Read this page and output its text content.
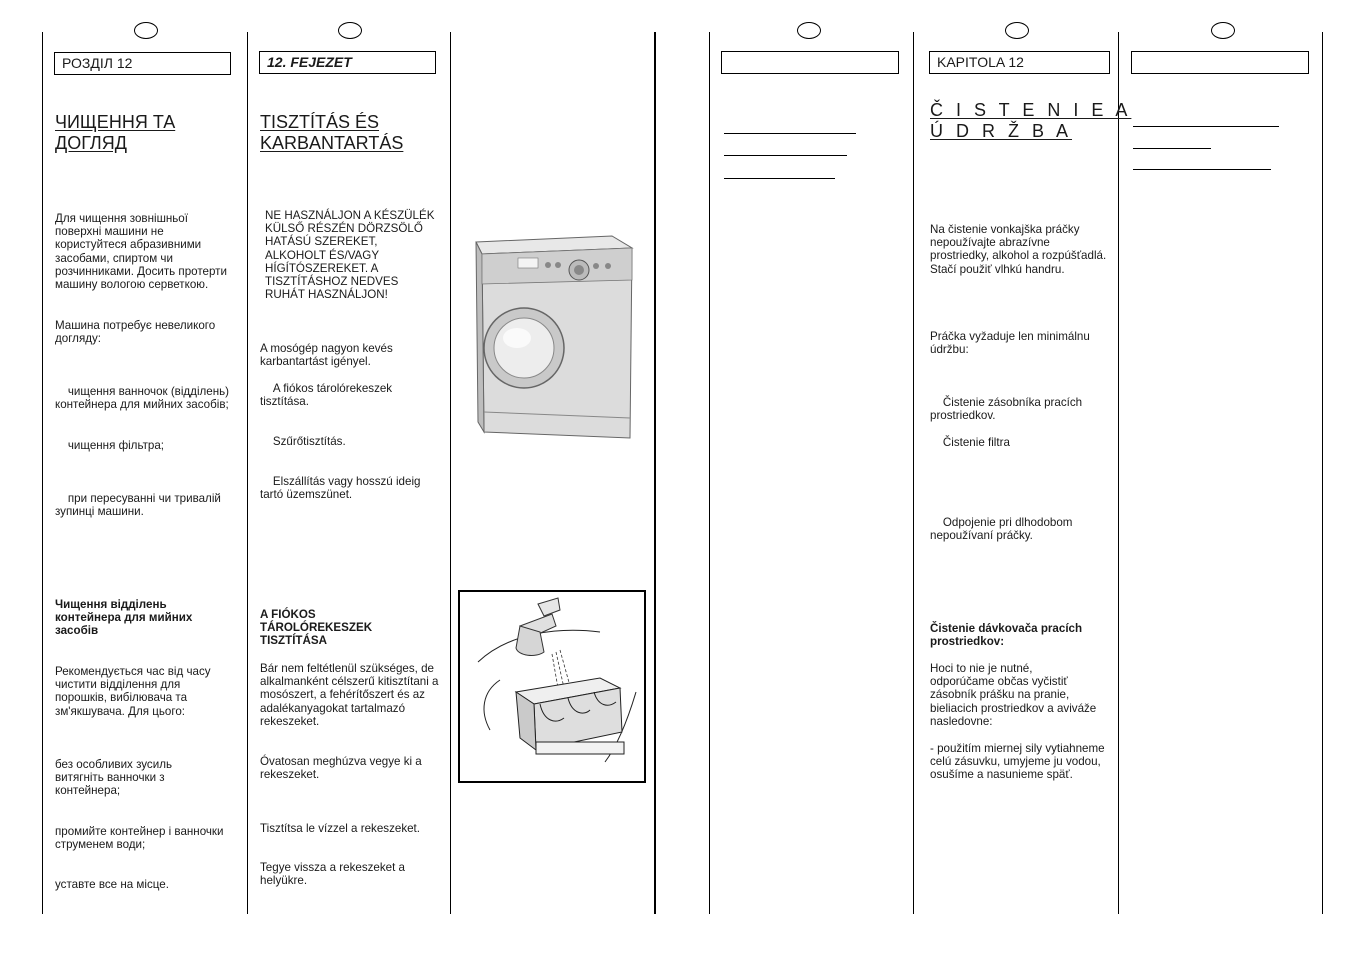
РОЗДІЛ 12
ЧИЩЕННЯ ТА
ДОГЛЯД

Для чищення зовнішньої поверхні машини не користуйтеся абразивними засобами, спиртом чи розчинниками. Досить протерти машину вологою серветкою.

Машина потребує невеликого догляду:

чищення ванночок (відділень) контейнера для мийних засобів;

чищення фільтра;

при пересуванні чи тривалій зупинці машини.

Чищення відділень контейнера для мийних засобів

Рекомендується час від часу чистити відділення для порошків, вибілювача та зм'якшувача. Для цього:

без особливих зусиль витягніть ванночки з контейнера;

промийте контейнер і ванночки струменем води;

уставте все на місце.

12. FEJEZET
TISZTÍTÁS ÉS
KARBANTARTÁS

NE HASZNÁLJON A KÉSZÜLÉK KÜLSŐ RÉSZÉN DÖRZSÖLŐ HATÁSÚ SZEREKET, ALKOHOLT ÉS/VAGY HÍGÍTÓSZEREKET. A TISZTÍTÁSHOZ NEDVES RUHÁT HASZNÁLJON!

A mosógép nagyon kevés karbantartást igényel.

A fiókos tárolórekeszek tisztítása.

Szűrőtisztítás.

Elszállítás vagy hosszú ideig tartó üzemszünet.

A FIÓKOS TÁROLÓREKESZEK TISZTÍTÁSA

Bár nem feltétlenül szükséges, de alkalmanként célszerű kitisztítani a mosószert, a fehérítőszert és az adalékanyagokat tartalmazó rekeszeket.

Óvatosan meghúzva vegye ki a rekeszeket.

Tisztítsa le vízzel a rekeszeket.

Tegye vissza a rekeszeket a helyükre.

KAPITOLA 12
Č I S T E N I E A
Ú D R Ž B A

Na čistenie vonkajška práčky nepoužívajte abrazívne prostriedky, alkohol a rozpúšťadlá. Stačí použiť vlhkú handru.

Práčka vyžaduje len minimálnu údržbu:

Čistenie zásobníka pracích prostriedkov.

Čistenie filtra

Odpojenie pri dlhodobom nepoužívaní práčky.

Čistenie dávkovača pracích prostriedkov:

Hoci to nie je nutné, odporúčame občas vyčistiť zásobník prášku na pranie, bieliacich prostriedkov a aviváže nasledovne:

- použitím miernej sily vytiahneme celú zásuvku, umyjeme ju vodou, osušíme a nasunieme späť.
